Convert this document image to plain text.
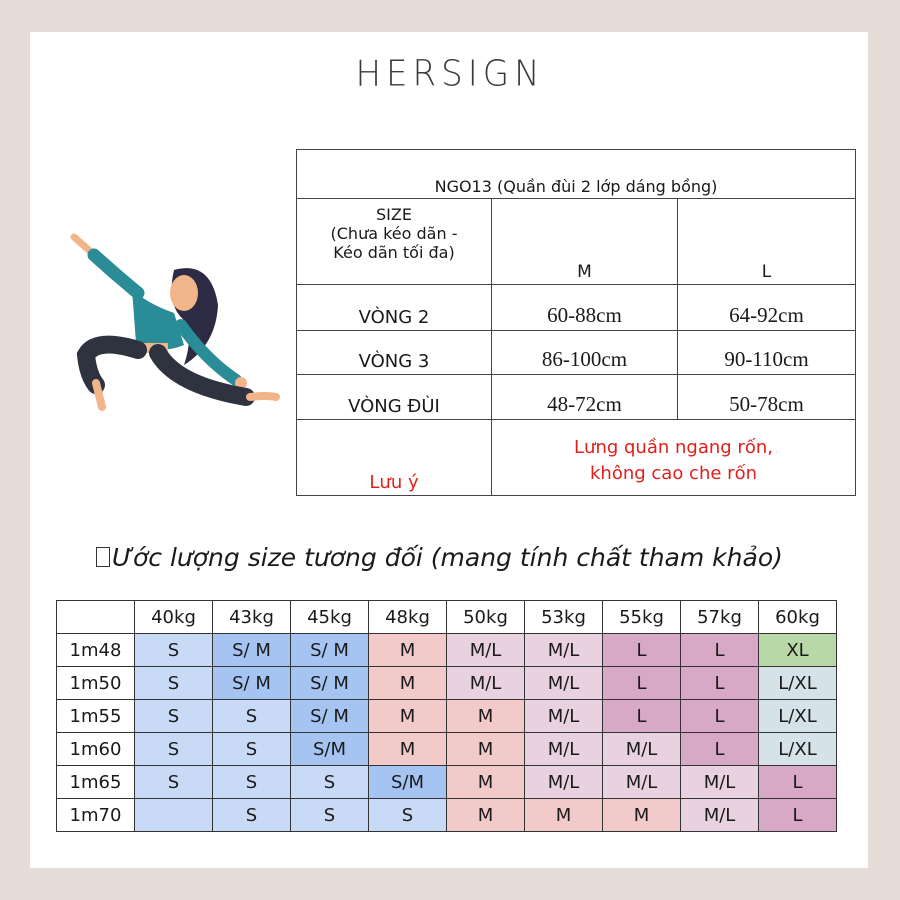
HERSIGN
NGO13 (Quần đùi 2 lớp dáng bồng)		

SIZE
(Chưa kéo dãn -
Kéo dãn tối đa)	M	L
VÒNG 2	60-88cm	64-92cm
VÒNG 3	86-100cm	90-110cm
VÒNG ĐÙI	48-72cm	50-78cm
Lưu ý	Lưng quần ngang rốn,
không cao che rốn	
Ước lượng size tương đối (mang tính chất tham khảo)
	40kg	43kg	45kg	48kg	50kg	53kg	55kg	57kg	60kg
1m48	S	S/ M	S/ M	M	M/L	M/L	L	L	XL
1m50	S	S/ M	S/ M	M	M/L	M/L	L	L	L/XL
1m55	S	S	S/ M	M	M	M/L	L	L	L/XL
1m60	S	S	S/M	M	M	M/L	M/L	L	L/XL
1m65	S	S	S	S/M	M	M/L	M/L	M/L	L
1m70		S	S	S	M	M	M	M/L	L
